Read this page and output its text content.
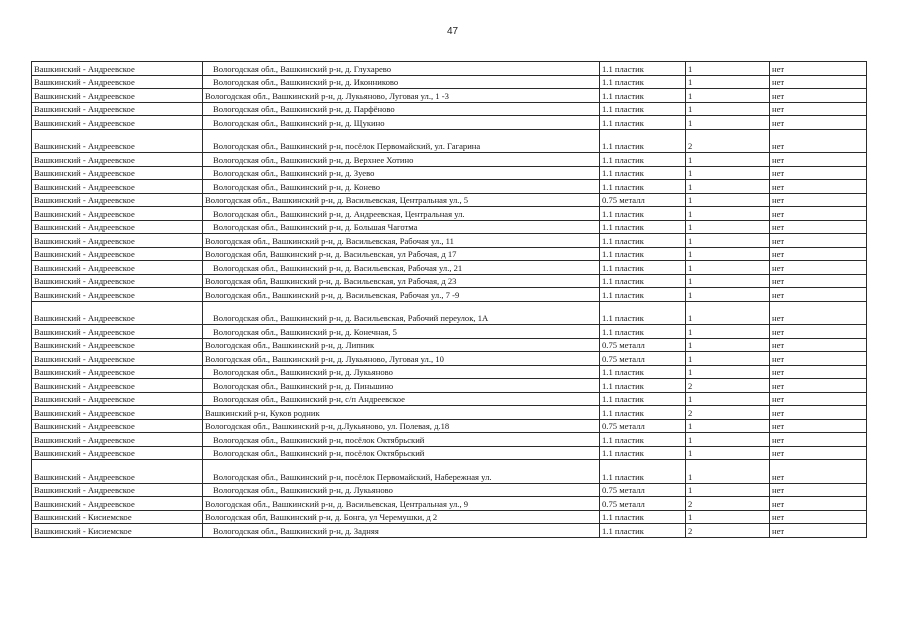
47
Вашкинский - Андреевское	Вологодская обл., Вашкинский р-н, д. Глухарево	1.1 пластик	1	нет
Вашкинский - Андреевское	Вологодская обл., Вашкинский р-н, д. Иконниково	1.1 пластик	1	нет
Вашкинский - Андреевское	Вологодская обл., Вашкинский р-н, д. Лукьяново, Луговая ул., 1 -3	1.1 пластик	1	нет
Вашкинский - Андреевское	Вологодская обл., Вашкинский р-н, д. Парфёново	1.1 пластик	1	нет
Вашкинский - Андреевское	Вологодская обл., Вашкинский р-н, д. Щукино	1.1 пластик	1	нет
Вашкинский - Андреевское	Вологодская обл., Вашкинский р-н, посёлок Первомайский, ул. Гагарина	1.1 пластик	2	нет
Вашкинский - Андреевское	Вологодская обл., Вашкинский р-н, д. Верхнее Хотино	1.1 пластик	1	нет
Вашкинский - Андреевское	Вологодская обл., Вашкинский р-н, д. Зуево	1.1 пластик	1	нет
Вашкинский - Андреевское	Вологодская обл., Вашкинский р-н, д. Конево	1.1 пластик	1	нет
Вашкинский - Андреевское	Вологодская обл., Вашкинский р-н, д. Васильевская, Центральная ул., 5	0.75 металл	1	нет
Вашкинский - Андреевское	Вологодская обл., Вашкинский р-н, д. Андреевская, Центральная ул.	1.1 пластик	1	нет
Вашкинский - Андреевское	Вологодская обл., Вашкинский р-н, д. Большая Чаготма	1.1 пластик	1	нет
Вашкинский - Андреевское	Вологодская обл., Вашкинский р-н, д. Васильевская, Рабочая ул., 11	1.1 пластик	1	нет
Вашкинский - Андреевское	Вологодская обл, Вашкинский р-н, д. Васильевская, ул Рабочая, д 17	1.1 пластик	1	нет
Вашкинский - Андреевское	Вологодская обл., Вашкинский р-н, д. Васильевская, Рабочая ул., 21	1.1 пластик	1	нет
Вашкинский - Андреевское	Вологодская обл, Вашкинский р-н, д. Васильевская, ул Рабочая, д 23	1.1 пластик	1	нет
Вашкинский - Андреевское	Вологодская обл., Вашкинский р-н, д. Васильевская, Рабочая ул., 7 -9	1.1 пластик	1	нет
Вашкинский - Андреевское	Вологодская обл., Вашкинский р-н, д. Васильевская, Рабочий переулок, 1А	1.1 пластик	1	нет
Вашкинский - Андреевское	Вологодская обл., Вашкинский р-н, д. Конечная, 5	1.1 пластик	1	нет
Вашкинский - Андреевское	Вологодская обл., Вашкинский р-н, д. Липник	0.75 металл	1	нет
Вашкинский - Андреевское	Вологодская обл., Вашкинский р-н, д. Лукьяново, Луговая ул., 10	0.75 металл	1	нет
Вашкинский - Андреевское	Вологодская обл., Вашкинский р-н, д. Лукьяново	1.1 пластик	1	нет
Вашкинский - Андреевское	Вологодская обл., Вашкинский р-н, д. Пиньшино	1.1 пластик	2	нет
Вашкинский - Андреевское	Вологодская обл., Вашкинский р-н, с/п Андреевское	1.1 пластик	1	нет
Вашкинский - Андреевское	Вашкинский р-н, Куков родник	1.1 пластик	2	нет
Вашкинский - Андреевское	Вологодская обл., Вашкинский р-н, д.Лукьяново, ул. Полевая, д.18	0.75 металл	1	нет
Вашкинский - Андреевское	Вологодская обл., Вашкинский р-н, посёлок Октябрьский	1.1 пластик	1	нет
Вашкинский - Андреевское	Вологодская обл., Вашкинский р-н, посёлок Октябрьский	1.1 пластик	1	нет
Вашкинский - Андреевское	Вологодская обл., Вашкинский р-н, посёлок Первомайский, Набережная ул.	1.1 пластик	1	нет
Вашкинский - Андреевское	Вологодская обл., Вашкинский р-н, д. Лукьяново	0.75 металл	1	нет
Вашкинский - Андреевское	Вологодская обл., Вашкинский р-н, д. Васильевская, Центральная ул., 9	0.75 металл	2	нет
Вашкинский - Кисиемское	Вологодская обл, Вашкинский р-н, д. Бонга, ул Черемушки, д 2	1.1 пластик	1	нет
Вашкинский - Кисиемское	Вологодская обл., Вашкинский р-н, д. Задняя	1.1 пластик	2	нет
